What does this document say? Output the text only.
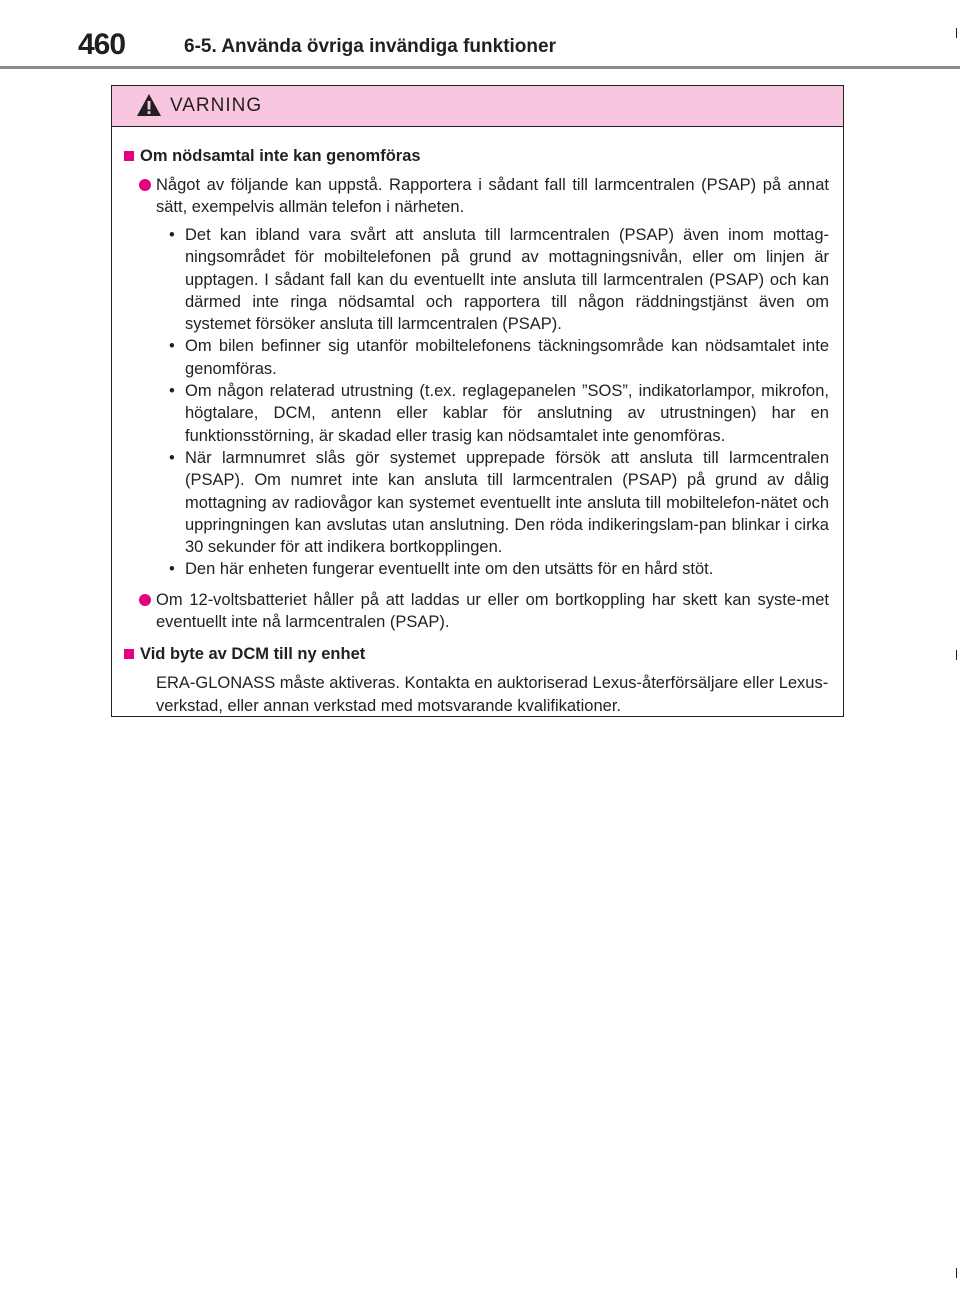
460	6-5. Använda övriga invändiga funktioner
VARNING
Om nödsamtal inte kan genomföras
Något av följande kan uppstå. Rapportera i sådant fall till larmcentralen (PSAP) på annat sätt, exempelvis allmän telefon i närheten.
• Det kan ibland vara svårt att ansluta till larmcentralen (PSAP) även inom mottag-ningsområdet för mobiltelefonen på grund av mottagningsnivån, eller om linjen är upptagen. I sådant fall kan du eventuellt inte ansluta till larmcentralen (PSAP) och kan därmed inte ringa nödsamtal och rapportera till någon räddningstjänst även om systemet försöker ansluta till larmcentralen (PSAP).
• Om bilen befinner sig utanför mobiltelefonens täckningsområde kan nödsamtalet inte genomföras.
• Om någon relaterad utrustning (t.ex. reglagepanelen ”SOS”, indikatorlampor, mikrofon, högtalare, DCM, antenn eller kablar för anslutning av utrustningen) har en funktionsstörning, är skadad eller trasig kan nödsamtalet inte genomföras.
• När larmnumret slås gör systemet upprepade försök att ansluta till larmcentralen (PSAP). Om numret inte kan ansluta till larmcentralen (PSAP) på grund av dålig mottagning av radiovågor kan systemet eventuellt inte ansluta till mobiltelefon-nätet och uppringningen kan avslutas utan anslutning. Den röda indikeringslam-pan blinkar i cirka 30 sekunder för att indikera bortkopplingen.
• Den här enheten fungerar eventuellt inte om den utsätts för en hård stöt.
Om 12-voltsbatteriet håller på att laddas ur eller om bortkoppling har skett kan syste-met eventuellt inte nå larmcentralen (PSAP).
Vid byte av DCM till ny enhet
ERA-GLONASS måste aktiveras. Kontakta en auktoriserad Lexus-återförsäljare eller Lexus-verkstad, eller annan verkstad med motsvarande kvalifikationer.
